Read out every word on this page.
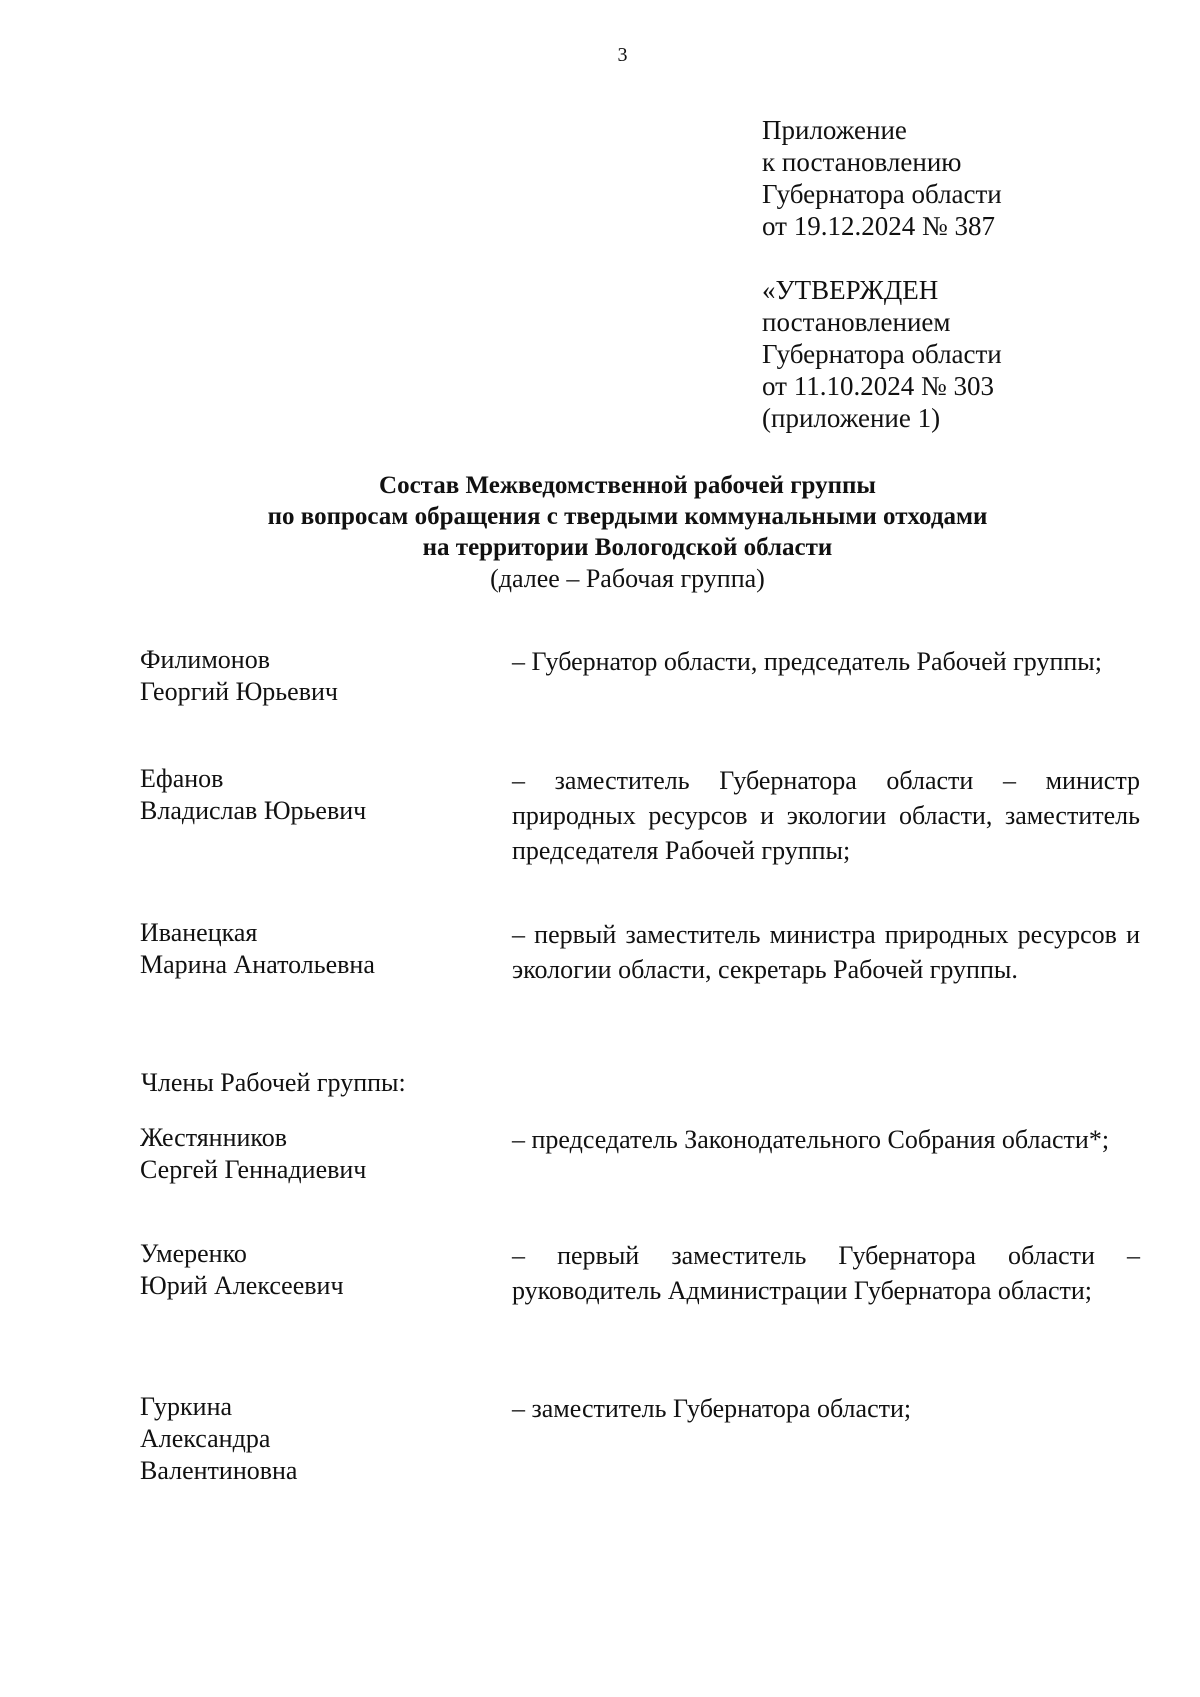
3
Приложение
к постановлению
Губернатора области
от 19.12.2024 № 387
«УТВЕРЖДЕН
постановлением
Губернатора области
от 11.10.2024 № 303
(приложение 1)
Состав Межведомственной рабочей группы
по вопросам обращения с твердыми коммунальными отходами
на территории Вологодской области
(далее – Рабочая группа)
Филимонов
Георгий Юрьевич
– Губернатор области, председатель Рабочей группы;
Ефанов
Владислав Юрьевич
– заместитель Губернатора области – министр природных ресурсов и экологии области, заместитель председателя Рабочей группы;
Иванецкая
Марина Анатольевна
– первый заместитель министра природных ресурсов и экологии области, секретарь Рабочей группы.
Члены Рабочей группы:
Жестянников
Сергей Геннадиевич
– председатель Законодательного Собрания области*;
Умеренко
Юрий Алексеевич
– первый заместитель Губернатора области – руководитель Администрации Губернатора области;
Гуркина
Александра
Валентиновна
– заместитель Губернатора области;
